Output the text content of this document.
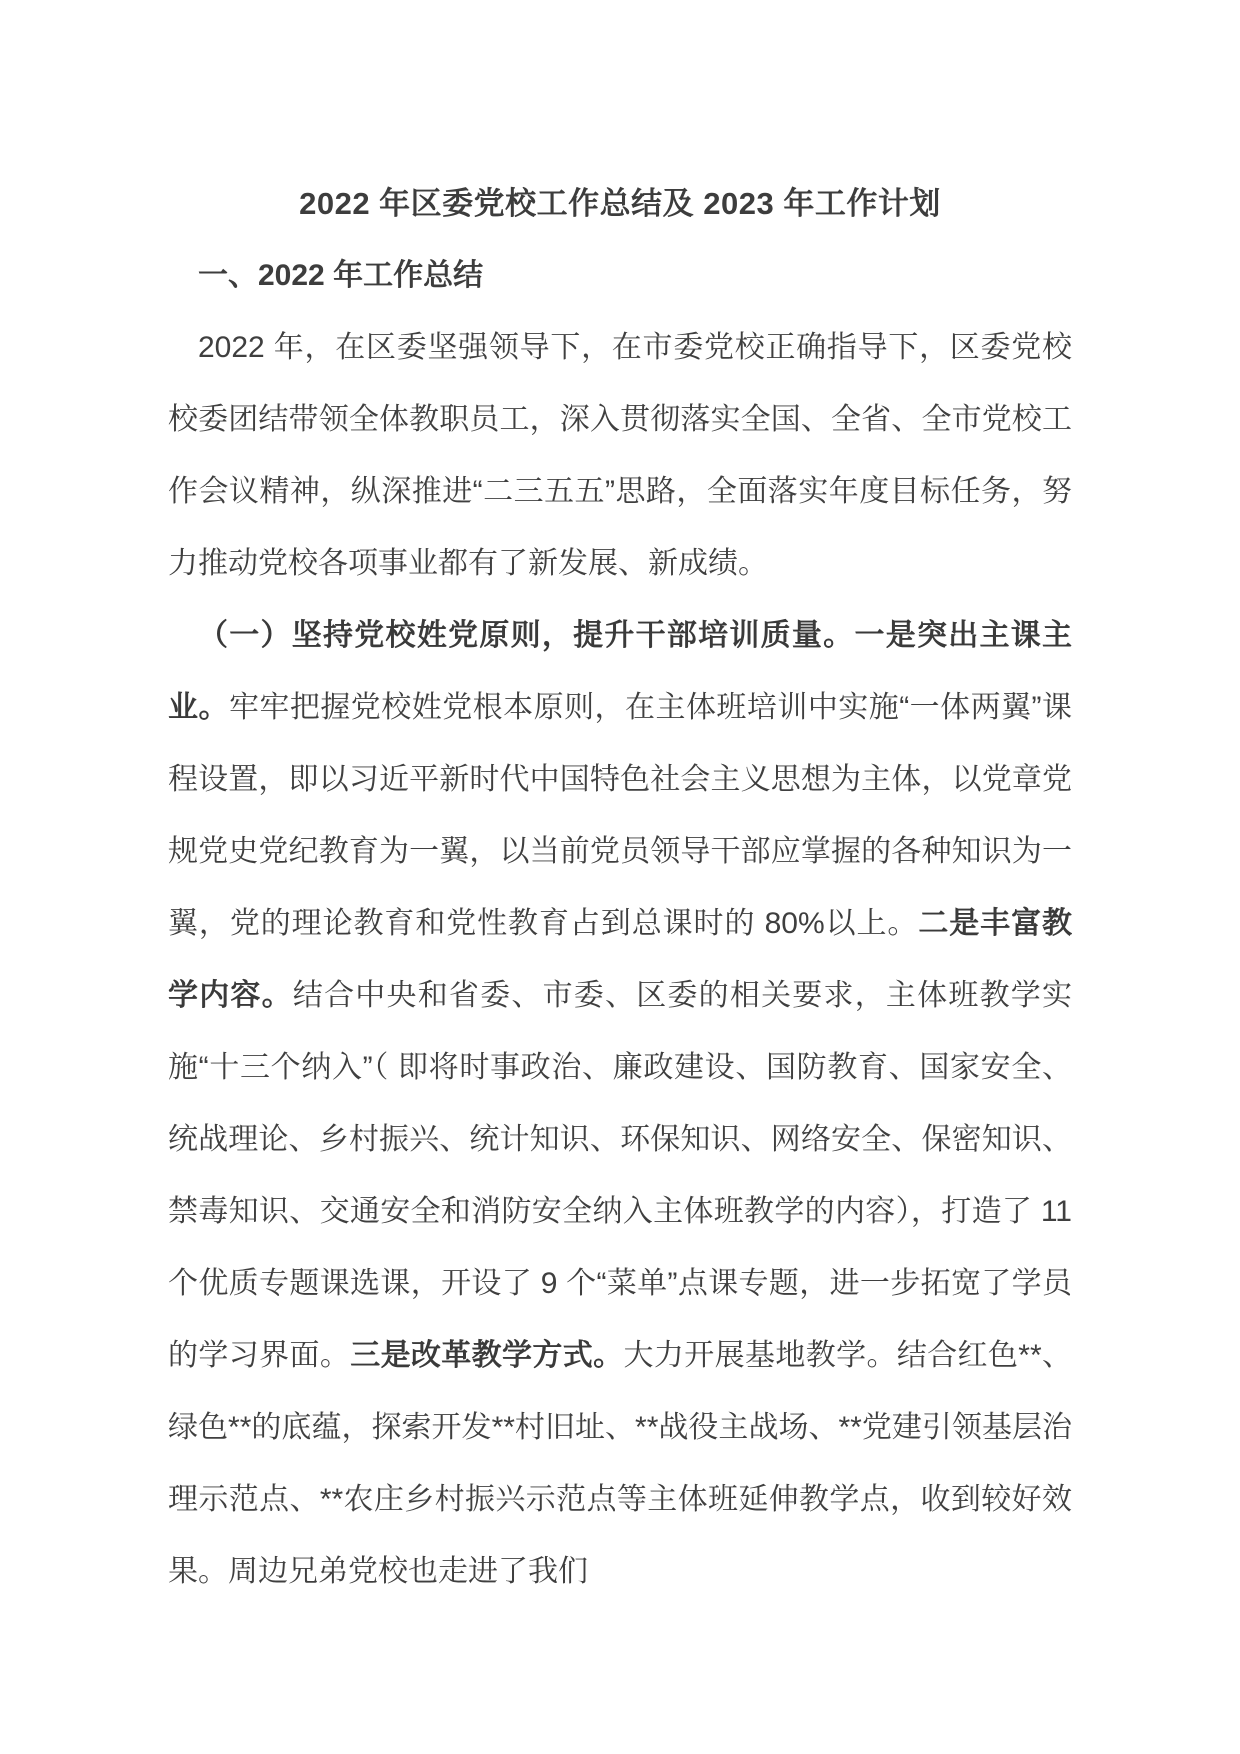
2022 年区委党校工作总结及 2023 年工作计划
一、2022 年工作总结

2022 年，在区委坚强领导下，在市委党校正确指导下，区委党校校委团结带领全体教职员工，深入贯彻落实全国、全省、全市党校工作会议精神，纵深推进“二三五五”思路，全面落实年度目标任务，努力推动党校各项事业都有了新发展、新成绩。

（一）坚持党校姓党原则，提升干部培训质量。一是突出主课主业。牢牢把握党校姓党根本原则，在主体班培训中实施“一体两翼”课程设置，即以习近平新时代中国特色社会主义思想为主体，以党章党规党史党纪教育为一翼，以当前党员领导干部应掌握的各种知识为一翼，党的理论教育和党性教育占到总课时的 80%以上。二是丰富教学内容。结合中央和省委、市委、区委的相关要求，主体班教学实施“十三个纳入”（ 即将时事政治、廉政建设、国防教育、国家安全、统战理论、乡村振兴、统计知识、环保知识、网络安全、保密知识、禁毒知识、交通安全和消防安全纳入主体班教学的内容），打造了 11 个优质专题课选课，开设了 9 个“菜单”点课专题，进一步拓宽了学员的学习界面。三是改革教学方式。大力开展基地教学。结合红色**、绿色**的底蕴，探索开发**村旧址、**战役主战场、**党建引领基层治理示范点、**农庄乡村振兴示范点等主体班延伸教学点，收到较好效果。周边兄弟党校也走进了我们
